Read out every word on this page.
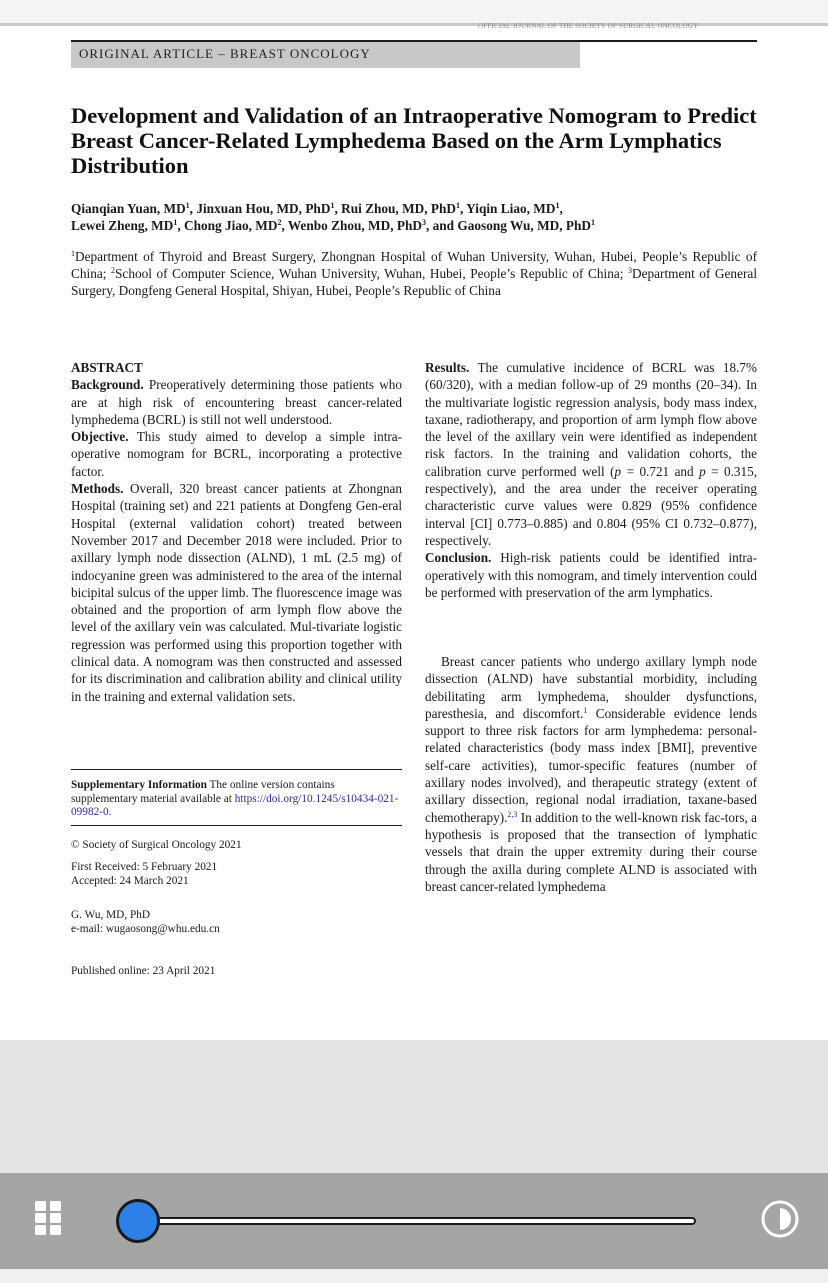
OFFICIAL JOURNAL OF THE SOCIETY OF SURGICAL ONCOLOGY
ORIGINAL ARTICLE – BREAST ONCOLOGY
Development and Validation of an Intraoperative Nomogram to Predict Breast Cancer-Related Lymphedema Based on the Arm Lymphatics Distribution
Qianqian Yuan, $MD^1$, Jinxuan Hou, MD, PhD$^1$, Rui Zhou, MD, PhD$^1$, Yiqin Liao, $MD^1$,
Lewei Zheng, $MD^1$, Chong Jiao, $MD^2$, Wenbo Zhou, MD, PhD$^3$, and Gaosong Wu, MD, PhD$^1$
$^1$Department of Thyroid and Breast Surgery, Zhongnan Hospital of Wuhan University, Wuhan, Hubei, People’s Republic of China; $^2$School of Computer Science, Wuhan University, Wuhan, Hubei, People’s Republic of China; $^3$Department of General Surgery, Dongfeng General Hospital, Shiyan, Hubei, People’s Republic of China

ABSTRACT

Background. Preoperatively determining those patients who are at high risk of encountering breast cancer-related lymphedema (BCRL) is still not well understood.

Objective. This study aimed to develop a simple intra-operative nomogram for BCRL, incorporating a protective factor.

Methods. Overall, 320 breast cancer patients at Zhongnan Hospital (training set) and 221 patients at Dongfeng Gen-eral Hospital (external validation cohort) treated between November 2017 and December 2018 were included. Prior to axillary lymph node dissection (ALND), 1 mL (2.5 mg) of indocyanine green was administered to the area of the internal bicipital sulcus of the upper limb. The fluorescence image was obtained and the proportion of arm lymph flow above the level of the axillary vein was calculated. Mul-tivariate logistic regression was performed using this proportion together with clinical data. A nomogram was then constructed and assessed for its discrimination and calibration ability and clinical utility in the training and external validation sets.

Results. The cumulative incidence of BCRL was 18.7% (60/320), with a median follow-up of 29 months (20–34). In the multivariate logistic regression analysis, body mass index, taxane, radiotherapy, and proportion of arm lymph flow above the level of the axillary vein were identified as independent risk factors. In the training and validation cohorts, the calibration curve performed well (p = 0.721 and p = 0.315, respectively), and the area under the receiver operating characteristic curve values were 0.829 (95% confidence interval [CI] 0.773–0.885) and 0.804 (95% CI 0.732–0.877), respectively.

Conclusion. High-risk patients could be identified intra-operatively with this nomogram, and timely intervention could be performed with preservation of the arm lymphatics.

Breast cancer patients who undergo axillary lymph node dissection (ALND) have substantial morbidity, including debilitating arm lymphedema, shoulder dysfunctions, paresthesia, and discomfort.$^1$ Considerable evidence lends support to three risk factors for arm lymphedema: personal-related characteristics (body mass index [BMI], preventive self-care activities), tumor-specific features (number of axillary nodes involved), and therapeutic strategy (extent of axillary dissection, regional nodal irradiation, taxane-based chemotherapy).$^{2,3}$ In addition to the well-known risk fac-tors, a hypothesis is proposed that the transection of lymphatic vessels that drain the upper extremity during their course through the axilla during complete ALND is associated with breast cancer-related lymphedema

Supplementary Information The online version contains supplementary material available at https://doi.org/10.1245/s10434-021-09982-0.
© Society of Surgical Oncology 2021
First Received: 5 February 2021
Accepted: 24 March 2021
G. Wu, MD, PhD
e-mail: wugaosong@whu.edu.cn
Published online: 23 April 2021
